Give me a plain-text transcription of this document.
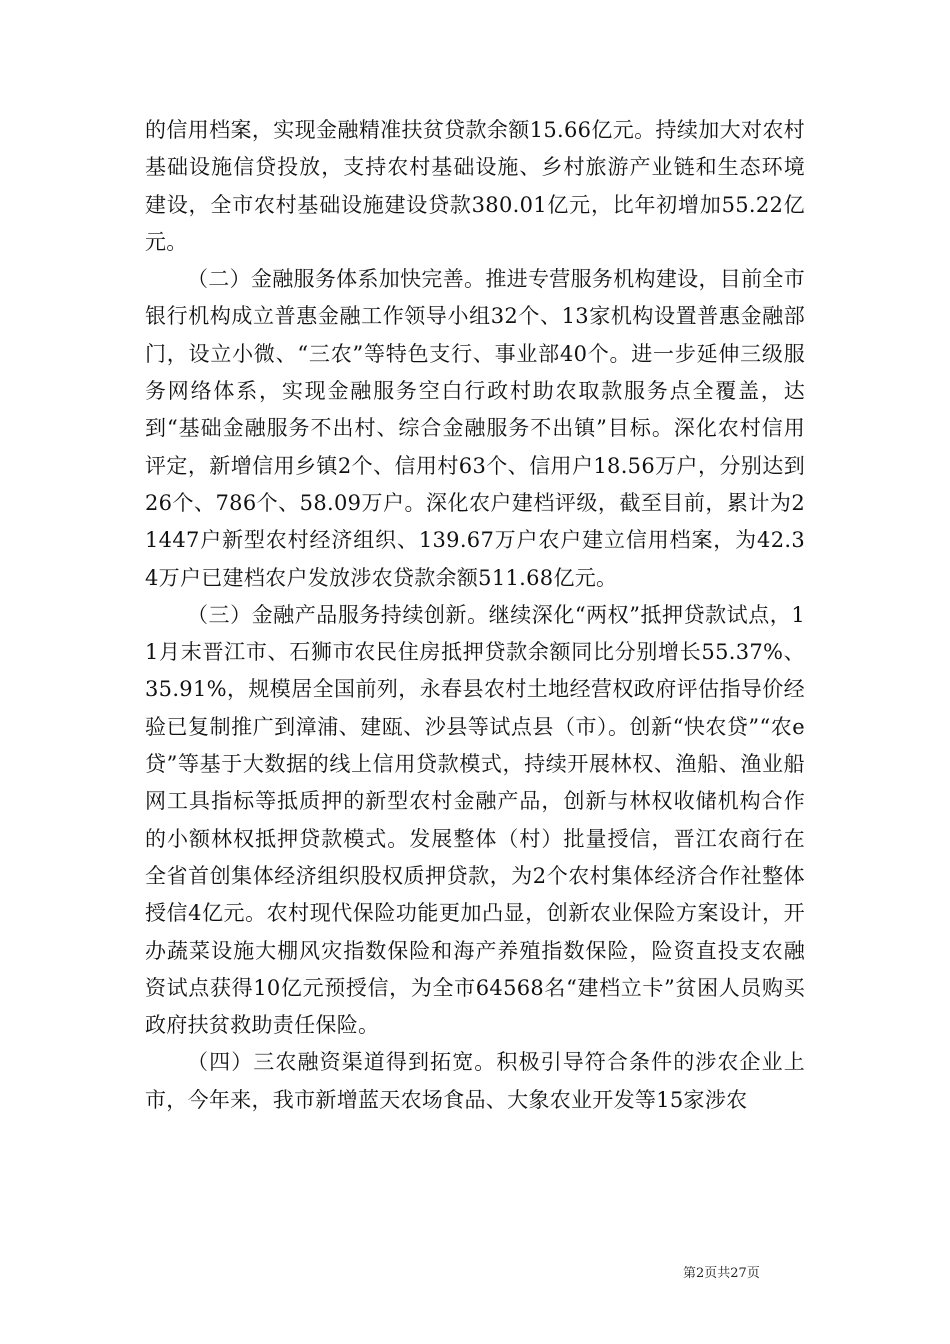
的信用档案，实现金融精准扶贫贷款余额15.66亿元。持续加大对农村基础设施信贷投放，支持农村基础设施、乡村旅游产业链和生态环境建设，全市农村基础设施建设贷款380.01亿元，比年初增加55.22亿元。

（二）金融服务体系加快完善。推进专营服务机构建设，目前全市银行机构成立普惠金融工作领导小组32个、13家机构设置普惠金融部门，设立小微、“三农”等特色支行、事业部40个。进一步延伸三级服务网络体系，实现金融服务空白行政村助农取款服务点全覆盖，达到“基础金融服务不出村、综合金融服务不出镇”目标。深化农村信用评定，新增信用乡镇2个、信用村63个、信用户18.56万户，分别达到26个、786个、58.09万户。深化农户建档评级，截至目前，累计为21447户新型农村经济组织、139.67万户农户建立信用档案，为42.34万户已建档农户发放涉农贷款余额511.68亿元。

（三）金融产品服务持续创新。继续深化“两权”抵押贷款试点，11月末晋江市、石狮市农民住房抵押贷款余额同比分别增长55.37%、35.91%，规模居全国前列，永春县农村土地经营权政府评估指导价经验已复制推广到漳浦、建瓯、沙县等试点县（市）。创新“快农贷”“农e贷”等基于大数据的线上信用贷款模式，持续开展林权、渔船、渔业船网工具指标等抵质押的新型农村金融产品，创新与林权收储机构合作的小额林权抵押贷款模式。发展整体（村）批量授信，晋江农商行在全省首创集体经济组织股权质押贷款，为2个农村集体经济合作社整体授信4亿元。农村现代保险功能更加凸显，创新农业保险方案设计，开办蔬菜设施大棚风灾指数保险和海产养殖指数保险，险资直投支农融资试点获得10亿元预授信，为全市64568名“建档立卡”贫困人员购买政府扶贫救助责任保险。

（四）三农融资渠道得到拓宽。积极引导符合条件的涉农企业上市，今年来，我市新增蓝天农场食品、大象农业开发等15家涉农

第2页共27页
